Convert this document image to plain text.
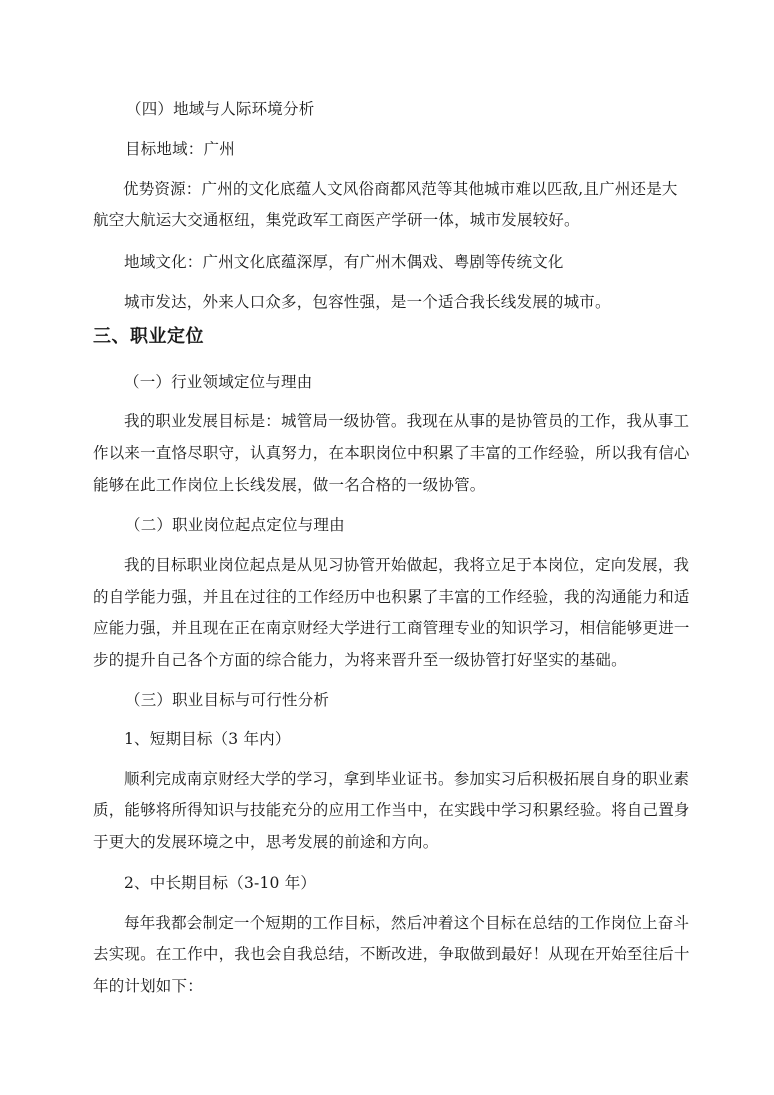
（四）地域与人际环境分析
目标地域：广州
优势资源：广州的文化底蕴人文风俗商都风范等其他城市难以匹敌,且广州还是大
航空大航运大交通枢纽，集党政军工商医产学研一体，城市发展较好。
地域文化：广州文化底蕴深厚，有广州木偶戏、粤剧等传统文化
城市发达，外来人口众多，包容性强，是一个适合我长线发展的城市。
三、职业定位
（一）行业领域定位与理由
我的职业发展目标是：城管局一级协管。我现在从事的是协管员的工作，我从事工
作以来一直恪尽职守，认真努力，在本职岗位中积累了丰富的工作经验，所以我有信心
能够在此工作岗位上长线发展，做一名合格的一级协管。
（二）职业岗位起点定位与理由
我的目标职业岗位起点是从见习协管开始做起，我将立足于本岗位，定向发展，我
的自学能力强，并且在过往的工作经历中也积累了丰富的工作经验，我的沟通能力和适
应能力强，并且现在正在南京财经大学进行工商管理专业的知识学习，相信能够更进一
步的提升自己各个方面的综合能力，为将来晋升至一级协管打好坚实的基础。
（三）职业目标与可行性分析
1、短期目标（3 年内）
顺利完成南京财经大学的学习，拿到毕业证书。参加实习后积极拓展自身的职业素
质，能够将所得知识与技能充分的应用工作当中，在实践中学习积累经验。将自己置身
于更大的发展环境之中，思考发展的前途和方向。
2、中长期目标（3-10 年）
每年我都会制定一个短期的工作目标，然后冲着这个目标在总结的工作岗位上奋斗
去实现。在工作中，我也会自我总结，不断改进，争取做到最好！从现在开始至往后十
年的计划如下：
